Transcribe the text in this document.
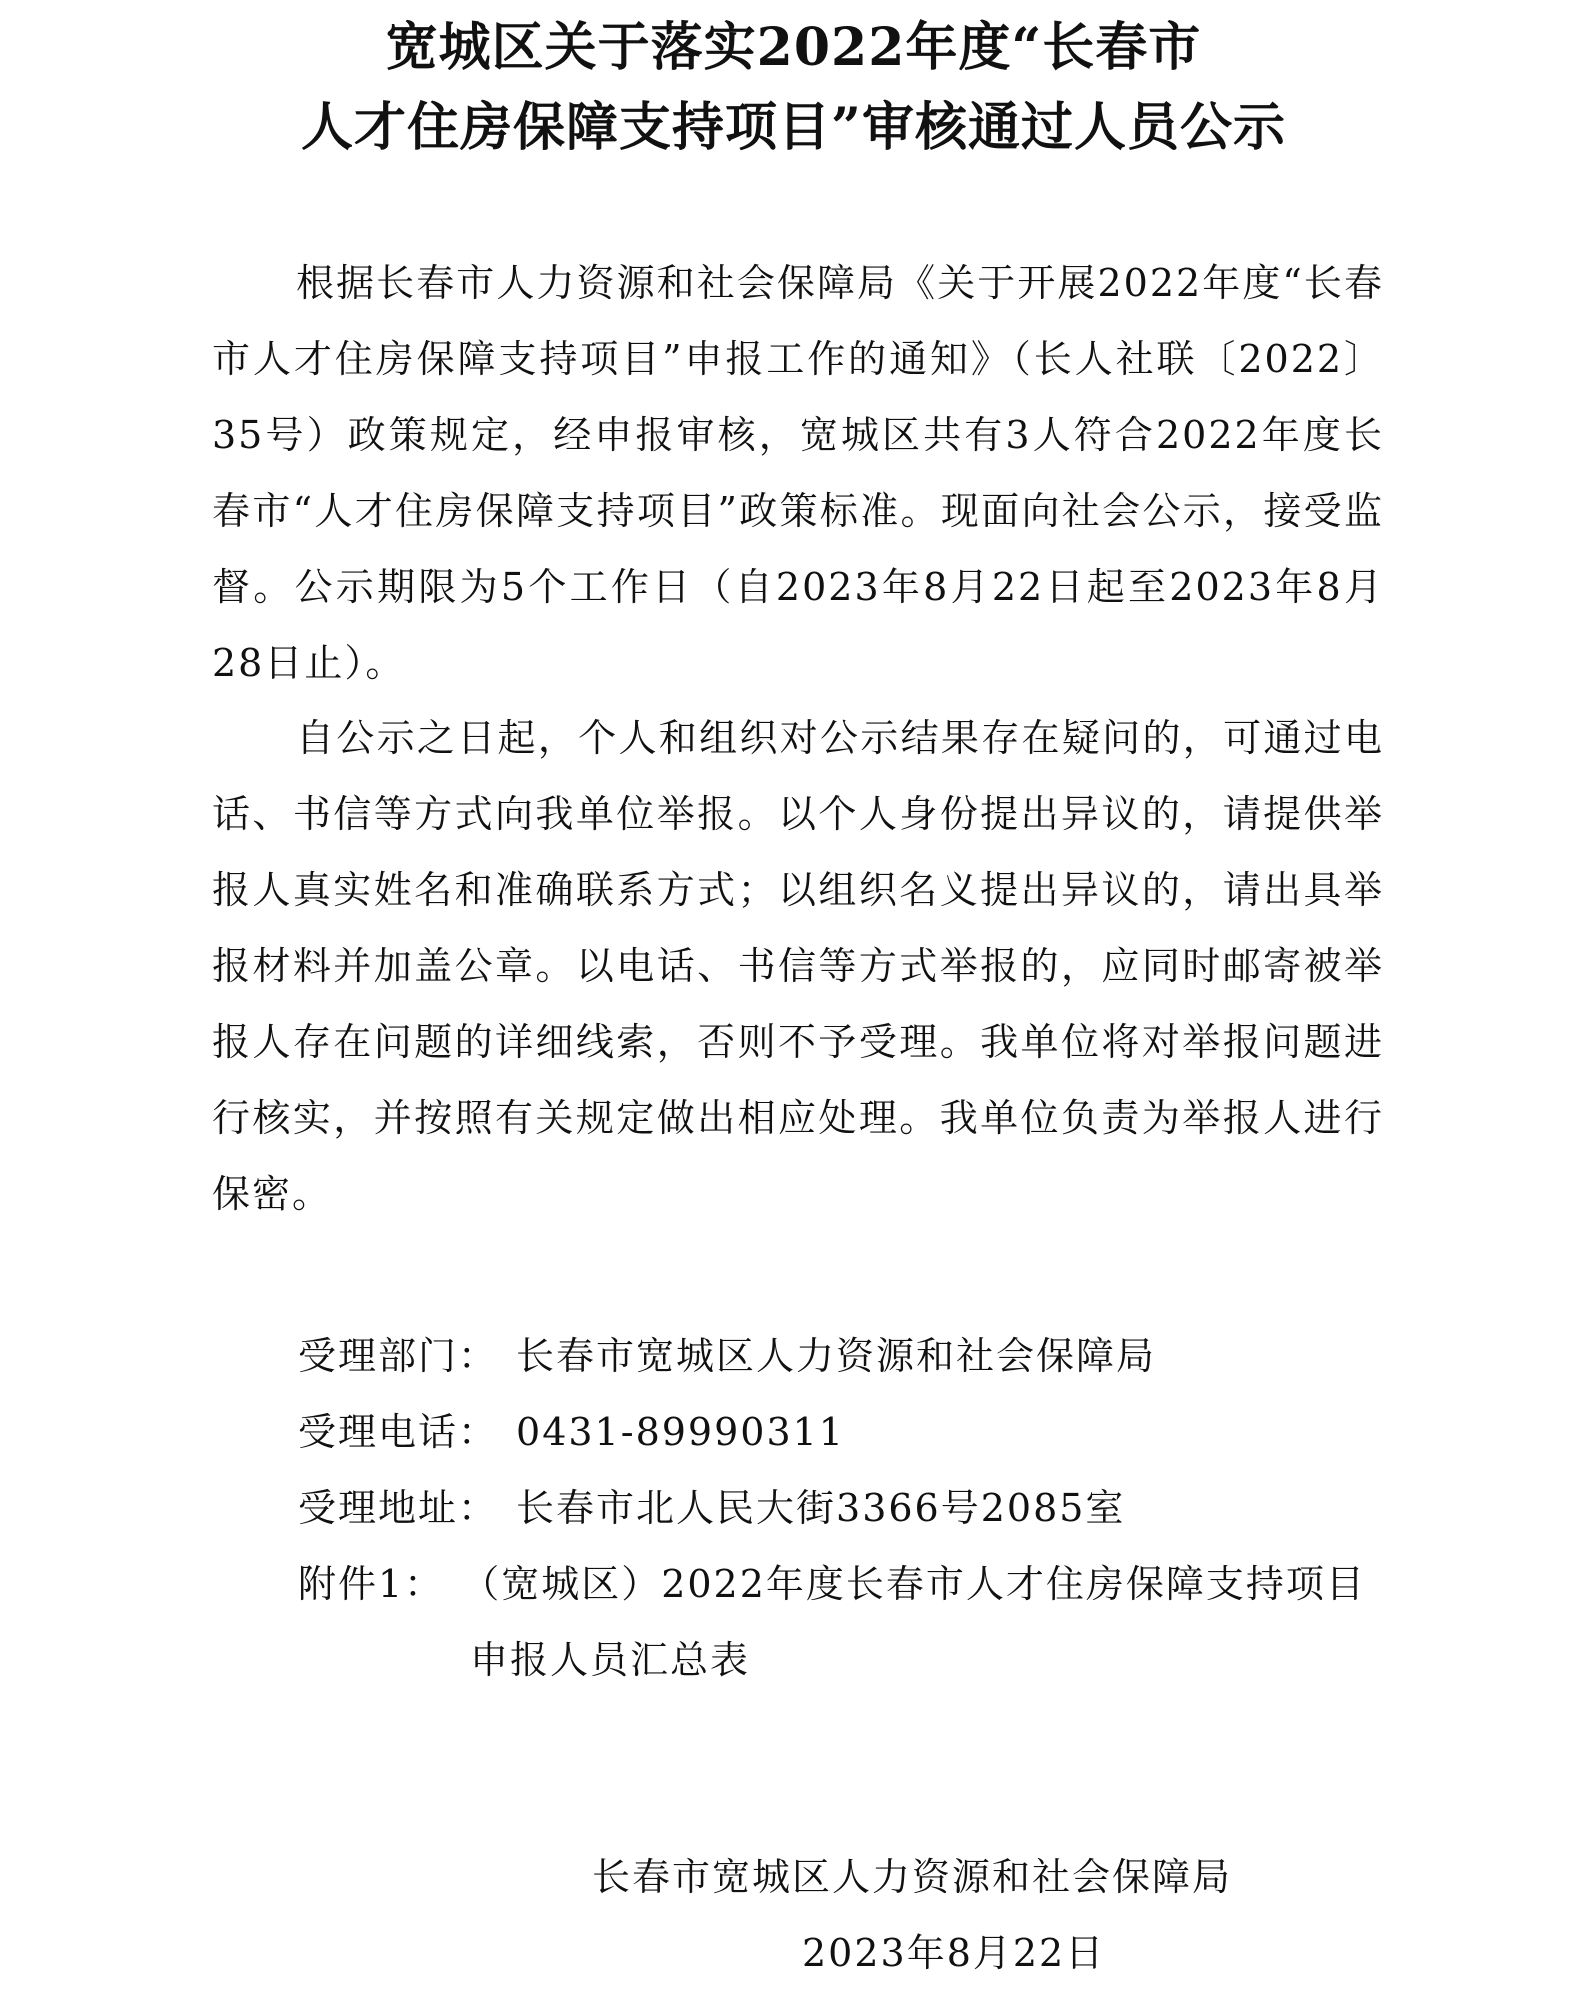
宽城区关于落实2022年度“长春市
人才住房保障支持项目”审核通过人员公示

根据长春市人力资源和社会保障局《关于开展2022年度“长春市人才住房保障支持项目”申报工作的通知》（长人社联〔2022〕35号）政策规定，经申报审核，宽城区共有3人符合2022年度长春市“人才住房保障支持项目”政策标准。现面向社会公示，接受监督。公示期限为5个工作日（自2023年8月22日起至2023年8月28日止）。

自公示之日起，个人和组织对公示结果存在疑问的，可通过电话、书信等方式向我单位举报。以个人身份提出异议的，请提供举报人真实姓名和准确联系方式；以组织名义提出异议的，请出具举报材料并加盖公章。以电话、书信等方式举报的，应同时邮寄被举报人存在问题的详细线索，否则不予受理。我单位将对举报问题进行核实，并按照有关规定做出相应处理。我单位负责为举报人进行保密。

受理部门： 长春市宽城区人力资源和社会保障局
受理电话： 0431-89990311
受理地址： 长春市北人民大街3366号2085室
附件1： （宽城区）2022年度长春市人才住房保障支持项目
申报人员汇总表
长春市宽城区人力资源和社会保障局
2023年8月22日
